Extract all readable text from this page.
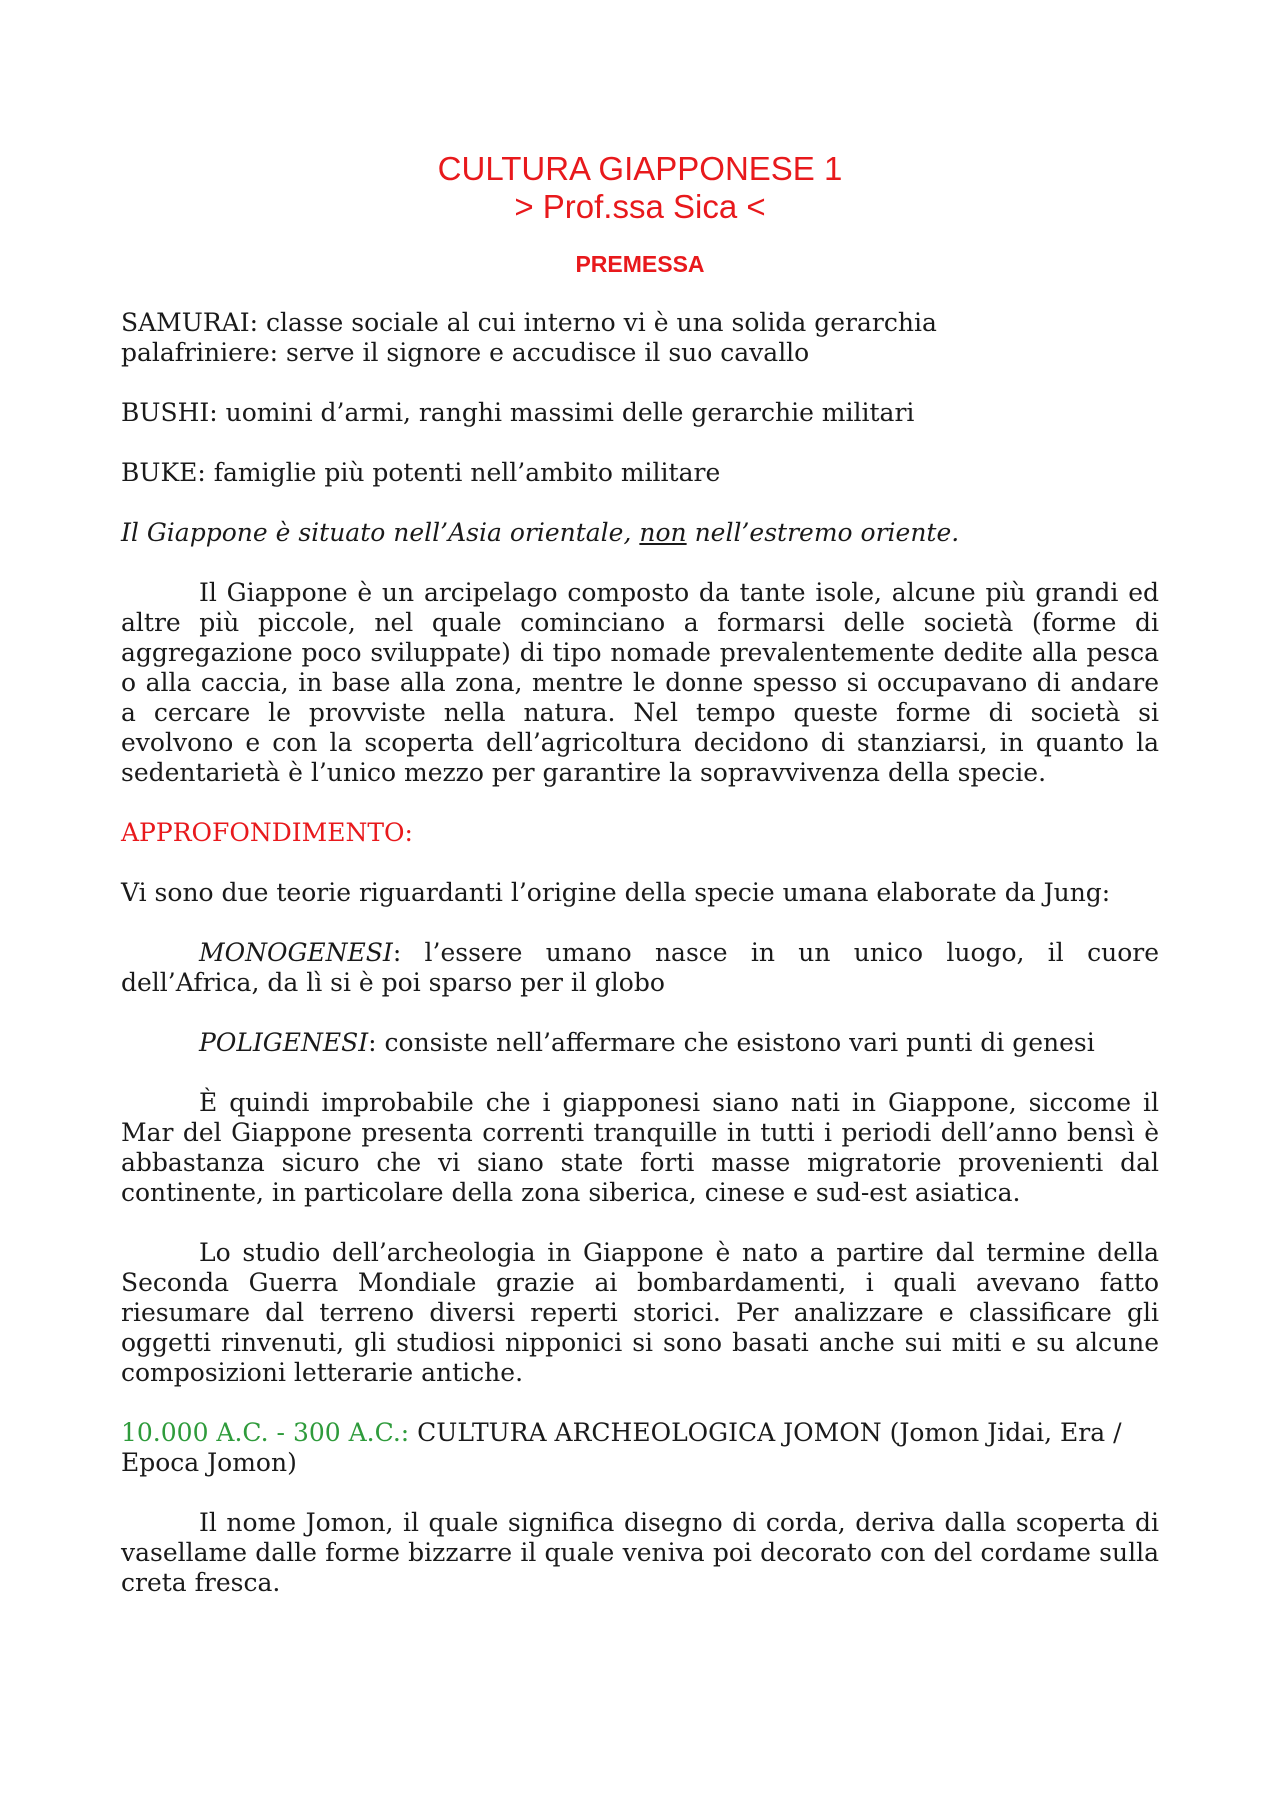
CULTURA GIAPPONESE 1
> Prof.ssa Sica <
PREMESSA

SAMURAI: classe sociale al cui interno vi è una solida gerarchia

palafriniere: serve il signore e accudisce il suo cavallo

BUSHI: uomini d’armi, ranghi massimi delle gerarchie militari

BUKE: famiglie più potenti nell’ambito militare

Il Giappone è situato nell’Asia orientale, non nell’estremo oriente.

Il Giappone è un arcipelago composto da tante isole, alcune più grandi ed altre più piccole, nel quale cominciano a formarsi delle società (forme di aggregazione poco sviluppate) di tipo nomade prevalentemente dedite alla pesca o alla caccia, in base alla zona, mentre le donne spesso si occupavano di andare a cercare le provviste nella natura. Nel tempo queste forme di società si evolvono e con la scoperta dell’agricoltura decidono di stanziarsi, in quanto la sedentarietà è l’unico mezzo per garantire la sopravvivenza della specie.

APPROFONDIMENTO:

Vi sono due teorie riguardanti l’origine della specie umana elaborate da Jung:

MONOGENESI: l’essere umano nasce in un unico luogo, il cuore dell’Africa, da lì si è poi sparso per il globo

POLIGENESI: consiste nell’affermare che esistono vari punti di genesi

È quindi improbabile che i giapponesi siano nati in Giappone, siccome il Mar del Giappone presenta correnti tranquille in tutti i periodi dell’anno bensì è abbastanza sicuro che vi siano state forti masse migratorie provenienti dal continente, in particolare della zona siberica, cinese e sud-est asiatica.

Lo studio dell’archeologia in Giappone è nato a partire dal termine della Seconda Guerra Mondiale grazie ai bombardamenti, i quali avevano fatto riesumare dal terreno diversi reperti storici. Per analizzare e classificare gli oggetti rinvenuti, gli studiosi nipponici si sono basati anche sui miti e su alcune composizioni letterarie antiche.

10.000 A.C. - 300 A.C.: CULTURA ARCHEOLOGICA JOMON (Jomon Jidai, Era / Epoca Jomon)

Il nome Jomon, il quale significa disegno di corda, deriva dalla scoperta di vasellame dalle forme bizzarre il quale veniva poi decorato con del cordame sulla creta fresca.
